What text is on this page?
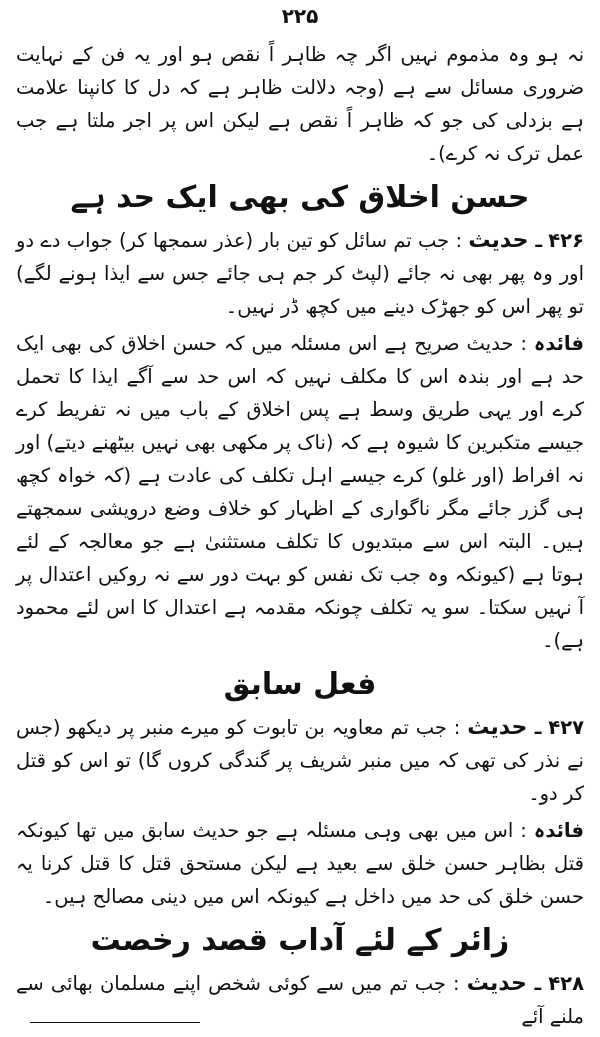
۲۲۵

نہ ہو وہ مذموم نہیں اگر چہ ظاہر اً نقص ہو اور یہ فن کے نہایت ضروری مسائل سے ہے (وجہ دلالت ظاہر ہے کہ دل کا کانپنا علامت ہے بزدلی کی جو کہ ظاہر اً نقص ہے لیکن اس پر اجر ملتا ہے جب عمل ترک نہ کرے)۔

حسن اخلاق کی بھی ایک حد ہے

۴۲۶ ـ حدیث : جب تم سائل کو تین بار (عذر سمجھا کر) جواب دے دو اور وہ پھر بھی نہ جائے (لپٹ کر جم ہی جائے جس سے ایذا ہونے لگے) تو پھر اس کو جھڑک دینے میں کچھ ڈر نہیں۔

فائدہ : حدیث صریح ہے اس مسئلہ میں کہ حسن اخلاق کی بھی ایک حد ہے اور بندہ اس کا مکلف نہیں کہ اس حد سے آگے ایذا کا تحمل کرے اور یہی طریق وسط ہے پس اخلاق کے باب میں نہ تفریط کرے جیسے متکبرین کا شیوہ ہے کہ (ناک پر مکھی بھی نہیں بیٹھنے دیتے) اور نہ افراط (اور غلو) کرے جیسے اہل تکلف کی عادت ہے (کہ خواہ کچھ ہی گزر جائے مگر ناگواری کے اظہار کو خلاف وضع درویشی سمجھتے ہیں۔ البتہ اس سے مبتدیوں کا تکلف مستثنیٰ ہے جو معالجہ کے لئے ہوتا ہے (کیونکہ وہ جب تک نفس کو بہت دور سے نہ روکیں اعتدال پر آ نہیں سکتا۔ سو یہ تکلف چونکہ مقدمہ ہے اعتدال کا اس لئے محمود ہے)۔

فعل سابق

۴۲۷ ـ حدیث : جب تم معاویہ بن تابوت کو میرے منبر پر دیکھو (جس نے نذر کی تھی کہ میں منبر شریف پر گندگی کروں گا) تو اس کو قتل کر دو۔

فائدہ : اس میں بھی وہی مسئلہ ہے جو حدیث سابق میں تھا کیونکہ قتل بظاہر حسن خلق سے بعید ہے لیکن مستحق قتل کا قتل کرنا یہ حسن خلق کی حد میں داخل ہے کیونکہ اس میں دینی مصالح ہیں۔

زائر کے لئے آداب قصد رخصت

۴۲۸ ـ حدیث : جب تم میں سے کوئی شخص اپنے مسلمان بھائی سے ملنے آئے
